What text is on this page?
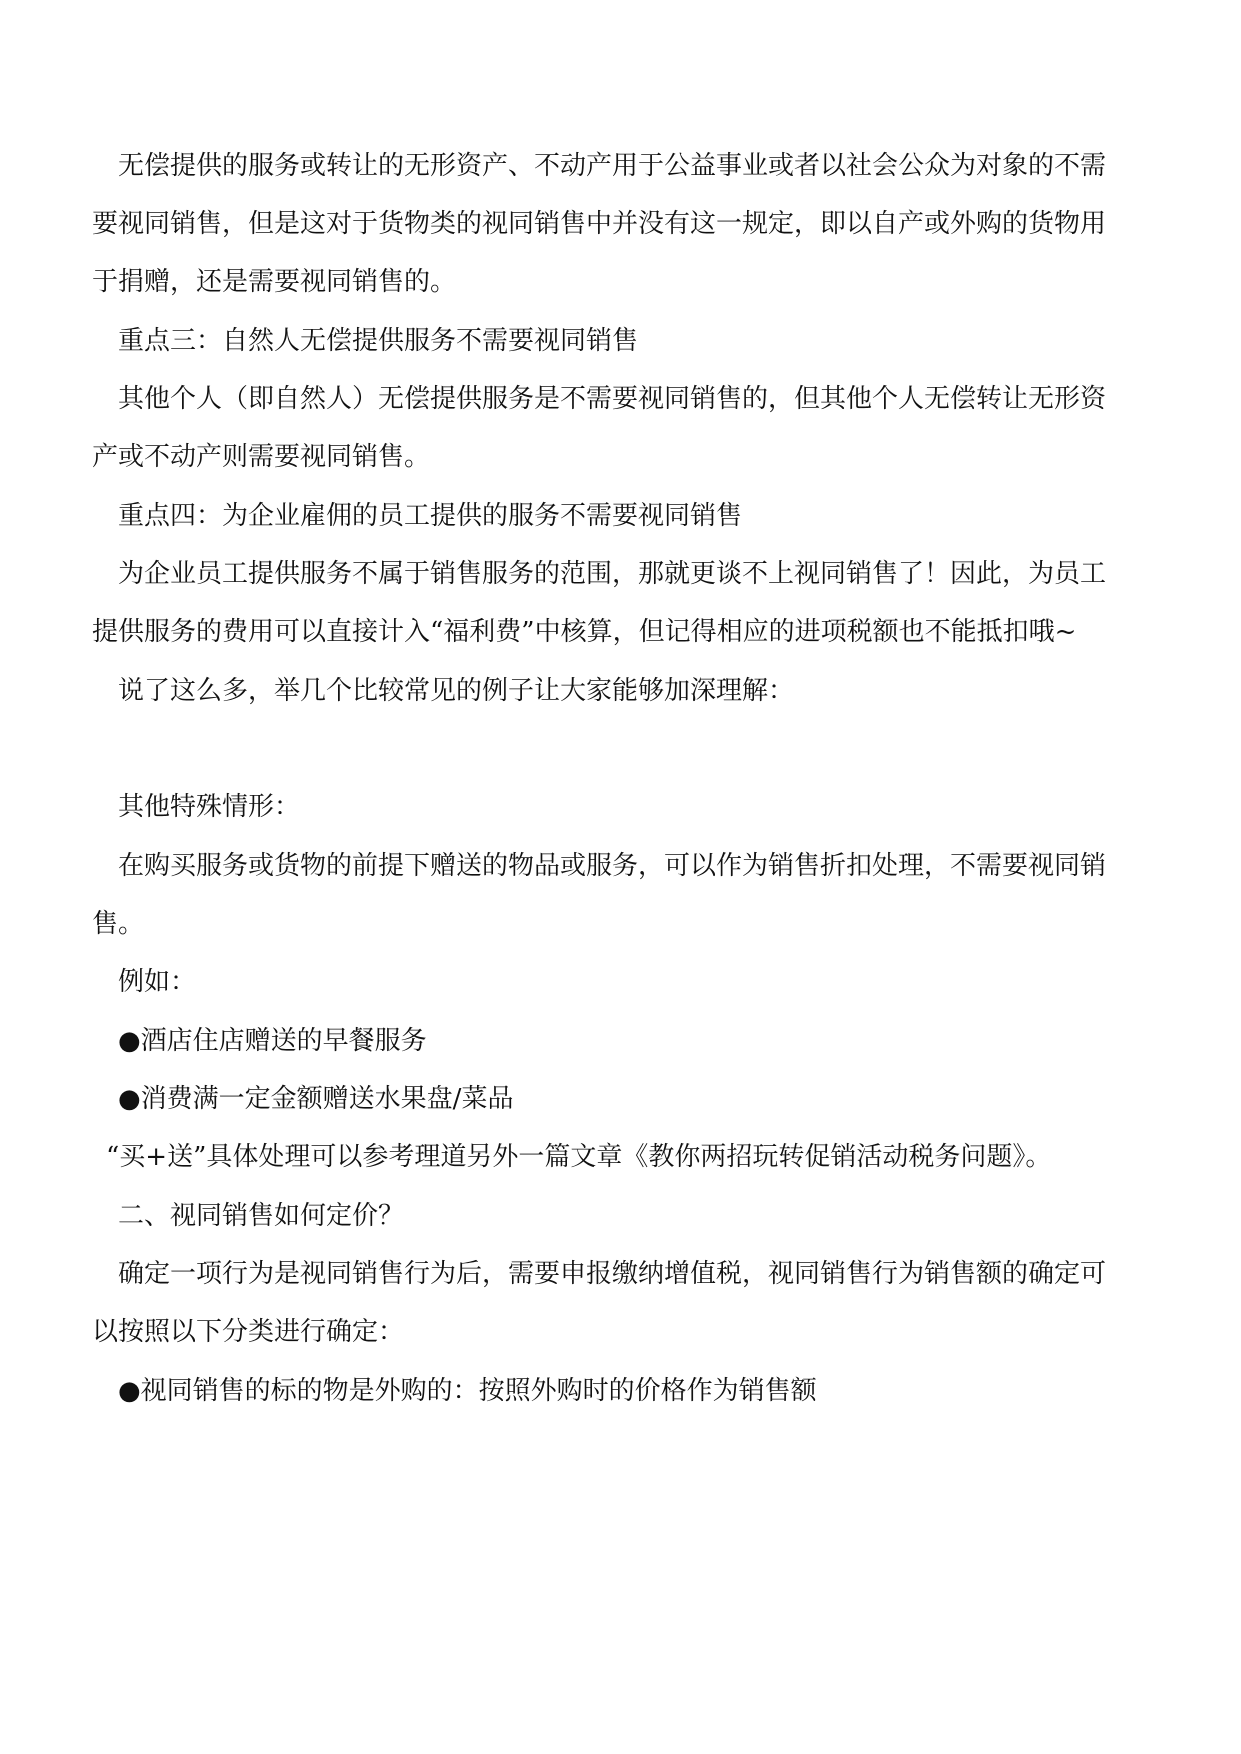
无偿提供的服务或转让的无形资产、不动产用于公益事业或者以社会公众为对象的不需
要视同销售，但是这对于货物类的视同销售中并没有这一规定，即以自产或外购的货物用
于捐赠，还是需要视同销售的。
重点三：自然人无偿提供服务不需要视同销售
其他个人（即自然人）无偿提供服务是不需要视同销售的，但其他个人无偿转让无形资
产或不动产则需要视同销售。
重点四：为企业雇佣的员工提供的服务不需要视同销售
为企业员工提供服务不属于销售服务的范围，那就更谈不上视同销售了！因此，为员工
提供服务的费用可以直接计入“福利费”中核算，但记得相应的进项税额也不能抵扣哦~
说了这么多，举几个比较常见的例子让大家能够加深理解：
其他特殊情形：
在购买服务或货物的前提下赠送的物品或服务，可以作为销售折扣处理，不需要视同销
售。
例如：
●酒店住店赠送的早餐服务
●消费满一定金额赠送水果盘/菜品
“买+送”具体处理可以参考理道另外一篇文章《教你两招玩转促销活动税务问题》。
二、视同销售如何定价？
确定一项行为是视同销售行为后，需要申报缴纳增值税，视同销售行为销售额的确定可
以按照以下分类进行确定：
●视同销售的标的物是外购的：按照外购时的价格作为销售额
